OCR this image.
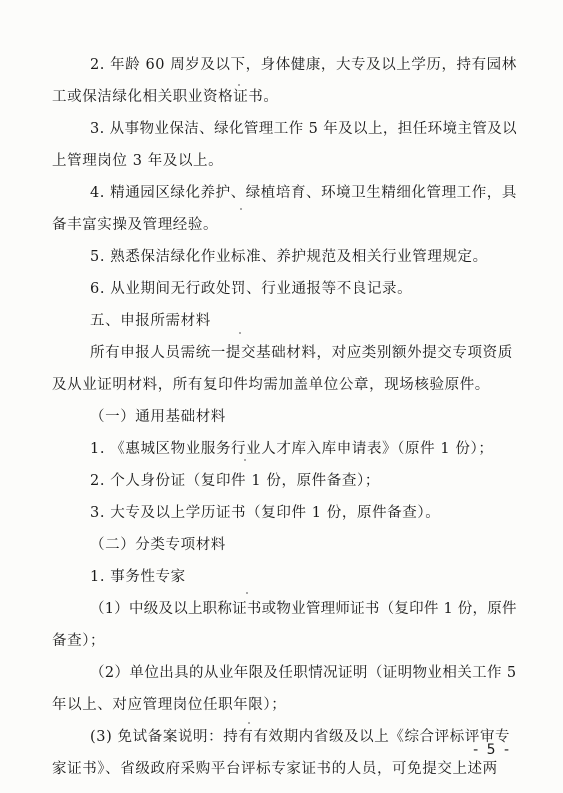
2. 年龄 60 周岁及以下，身体健康，大专及以上学历，持有园林
工或保洁绿化相关职业资格证书。
3. 从事物业保洁、绿化管理工作 5 年及以上，担任环境主管及以
上管理岗位 3 年及以上。
4. 精通园区绿化养护、绿植培育、环境卫生精细化管理工作，具
备丰富实操及管理经验。
5. 熟悉保洁绿化作业标准、养护规范及相关行业管理规定。
6. 从业期间无行政处罚、行业通报等不良记录。
五、申报所需材料
所有申报人员需统一提交基础材料，对应类别额外提交专项资质
及从业证明材料，所有复印件均需加盖单位公章，现场核验原件。
（一）通用基础材料
1. 《惠城区物业服务行业人才库入库申请表》（原件 1 份）；
2. 个人身份证（复印件 1 份，原件备查）；
3. 大专及以上学历证书（复印件 1 份，原件备查）。
（二）分类专项材料
1. 事务性专家
（1）中级及以上职称证书或物业管理师证书（复印件 1 份，原件
备查）；
（2）单位出具的从业年限及任职情况证明（证明物业相关工作 5
年以上、对应管理岗位任职年限）；
(3) 免试备案说明：持有有效期内省级及以上《综合评标评审专
家证书》、省级政府采购平台评标专家证书的人员，可免提交上述两
- 5 -
